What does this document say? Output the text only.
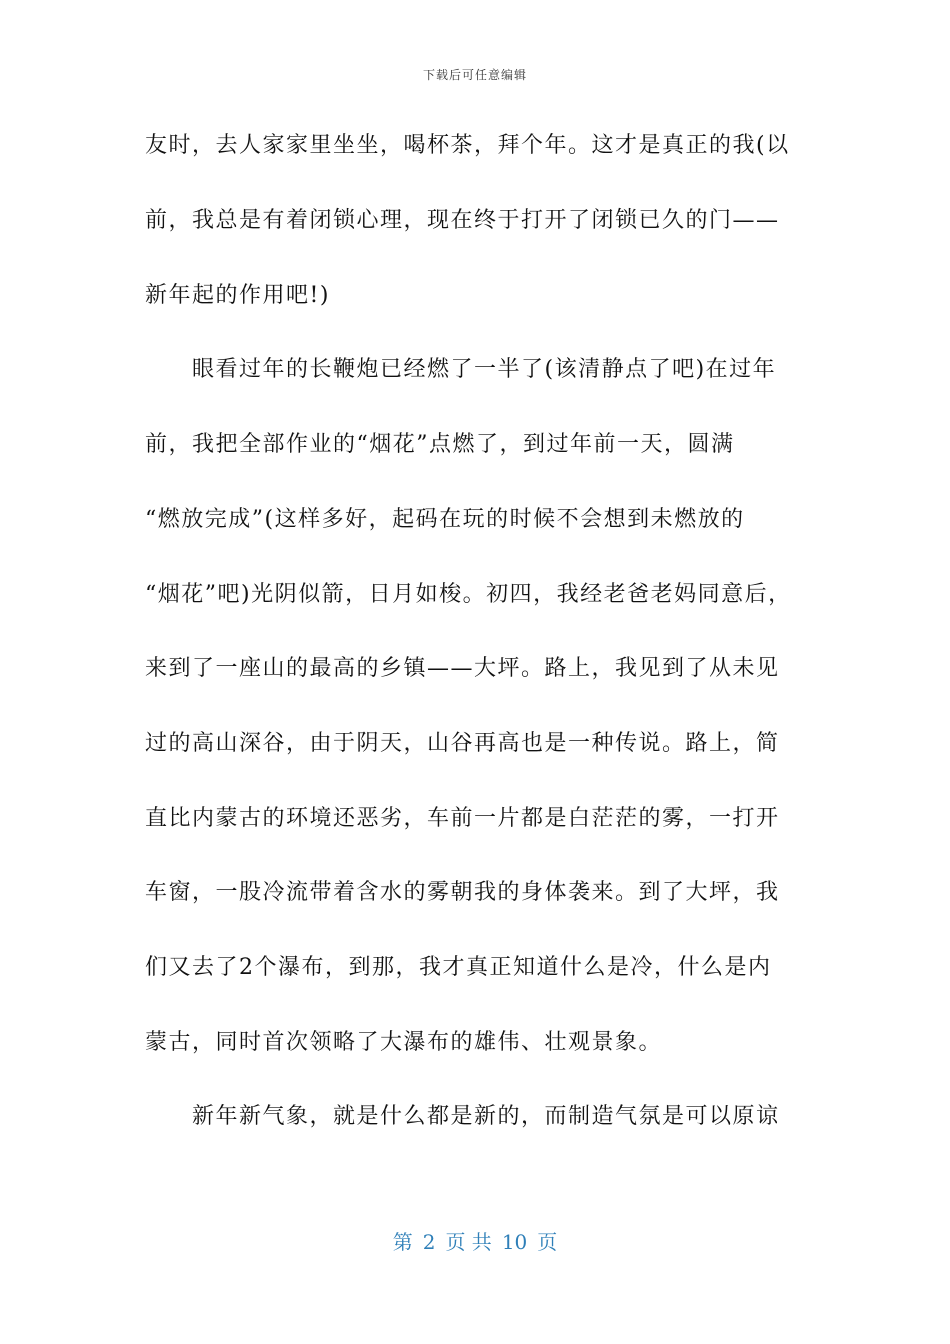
下载后可任意编辑
友时，去人家家里坐坐，喝杯茶，拜个年。这才是真正的我(以
前，我总是有着闭锁心理，现在终于打开了闭锁已久的门——
新年起的作用吧!)
　　眼看过年的长鞭炮已经燃了一半了(该清静点了吧)在过年
前，我把全部作业的“烟花”点燃了，到过年前一天，圆满
“燃放完成”(这样多好，起码在玩的时候不会想到未燃放的
“烟花”吧)光阴似箭，日月如梭。初四，我经老爸老妈同意后，
来到了一座山的最高的乡镇——大坪。路上，我见到了从未见
过的高山深谷，由于阴天，山谷再高也是一种传说。路上，简
直比内蒙古的环境还恶劣，车前一片都是白茫茫的雾，一打开
车窗，一股冷流带着含水的雾朝我的身体袭来。到了大坪，我
们又去了2个瀑布，到那，我才真正知道什么是冷，什么是内
蒙古，同时首次领略了大瀑布的雄伟、壮观景象。
　　新年新气象，就是什么都是新的，而制造气氛是可以原谅
第 2 页 共 10 页
